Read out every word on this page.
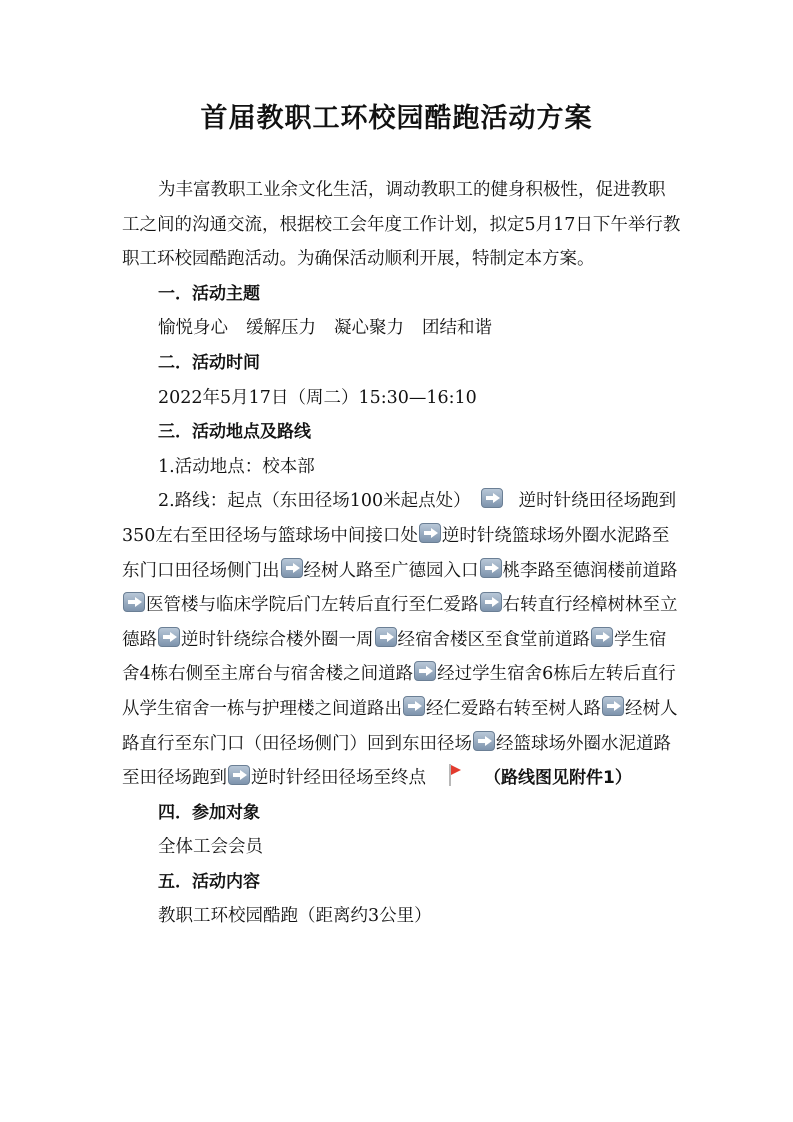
首届教职工环校园酷跑活动方案

为丰富教职工业余文化生活，调动教职工的健身积极性，促进教职工之间的沟通交流，根据校工会年度工作计划，拟定5月17日下午举行教职工环校园酷跑活动。为确保活动顺利开展，特制定本方案。

一．活动主题

愉悦身心 缓解压力 凝心聚力 团结和谐

二．活动时间

2022年5月17日（周二）15:30—16:10

三．活动地点及路线

1.活动地点：校本部

2.路线：起点（东田径场100米起点处）	逆时针绕田径场跑到350左右至田径场与篮球场中间接口处 逆时针绕篮球场外圈水泥路至东门口田径场侧门出 经树人路至广德园入口 桃李路至德润楼前道路医管楼与临床学院后门左转后直行至仁爱路 右转直行经樟树林至立德路 逆时针绕综合楼外圈一周 经宿舍楼区至食堂前道路 学生宿舍4栋右侧至主席台与宿舍楼之间道路 经过学生宿舍6栋后左转后直行从学生宿舍一栋与护理楼之间道路出 经仁爱路右转至树人路 经树人路直行至东门口（田径场侧门）回到东田径场 经篮球场外圈水泥道路至田径场跑到 逆时针经田径场至终点	（路线图见附件1）

四．参加对象

全体工会会员

五．活动内容

教职工环校园酷跑（距离约3公里）
